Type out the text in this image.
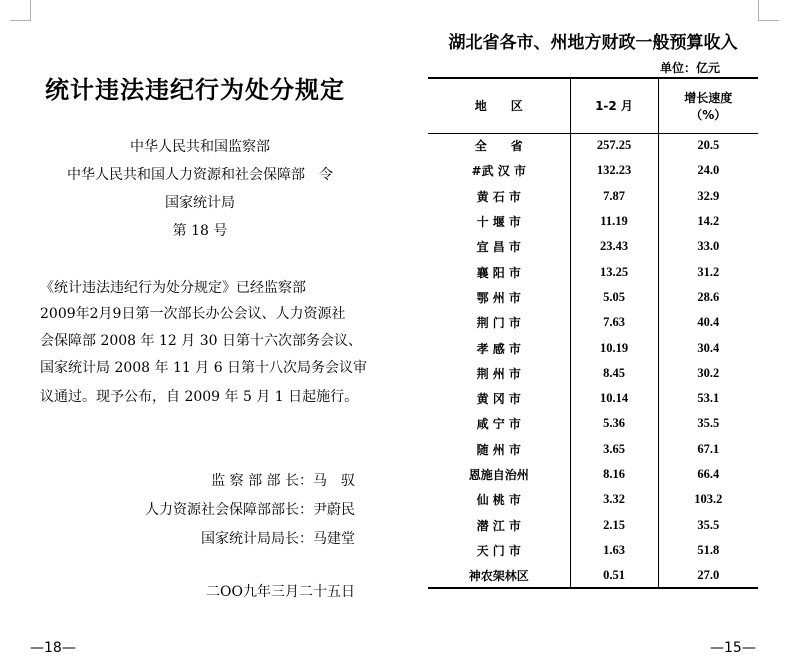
统计违法违纪行为处分规定
中华人民共和国监察部
中华人民共和国人力资源和社会保障部　令
国家统计局
第 18 号
《统计违法违纪行为处分规定》已经监察部
2009年2月9日第一次部长办公会议、人力资源社
会保障部 2008 年 12 月 30 日第十六次部务会议、
国家统计局 2008 年 11 月 6 日第十八次局务会议审
议通过。现予公布，自 2009 年 5 月 1 日起施行。
监 察 部 部 长：马　驭
人力资源社会保障部部长：尹蔚民
国家统计局局长：马建堂
二OO九年三月二十五日
—18—
湖北省各市、州地方财政一般预算收入
单位：亿元
地　　区	1-2 月	增长速度
（%）
全　　省	257.25	20.5
#武 汉 市	132.23	24.0
黄 石 市	7.87	32.9
十 堰 市	11.19	14.2
宜 昌 市	23.43	33.0
襄 阳 市	13.25	31.2
鄂 州 市	5.05	28.6
荆 门 市	7.63	40.4
孝 感 市	10.19	30.4
荆 州 市	8.45	30.2
黄 冈 市	10.14	53.1
咸 宁 市	5.36	35.5
随 州 市	3.65	67.1
恩施自治州	8.16	66.4
仙 桃 市	3.32	103.2
潜 江 市	2.15	35.5
天 门 市	1.63	51.8
神农架林区	0.51	27.0
—15—
